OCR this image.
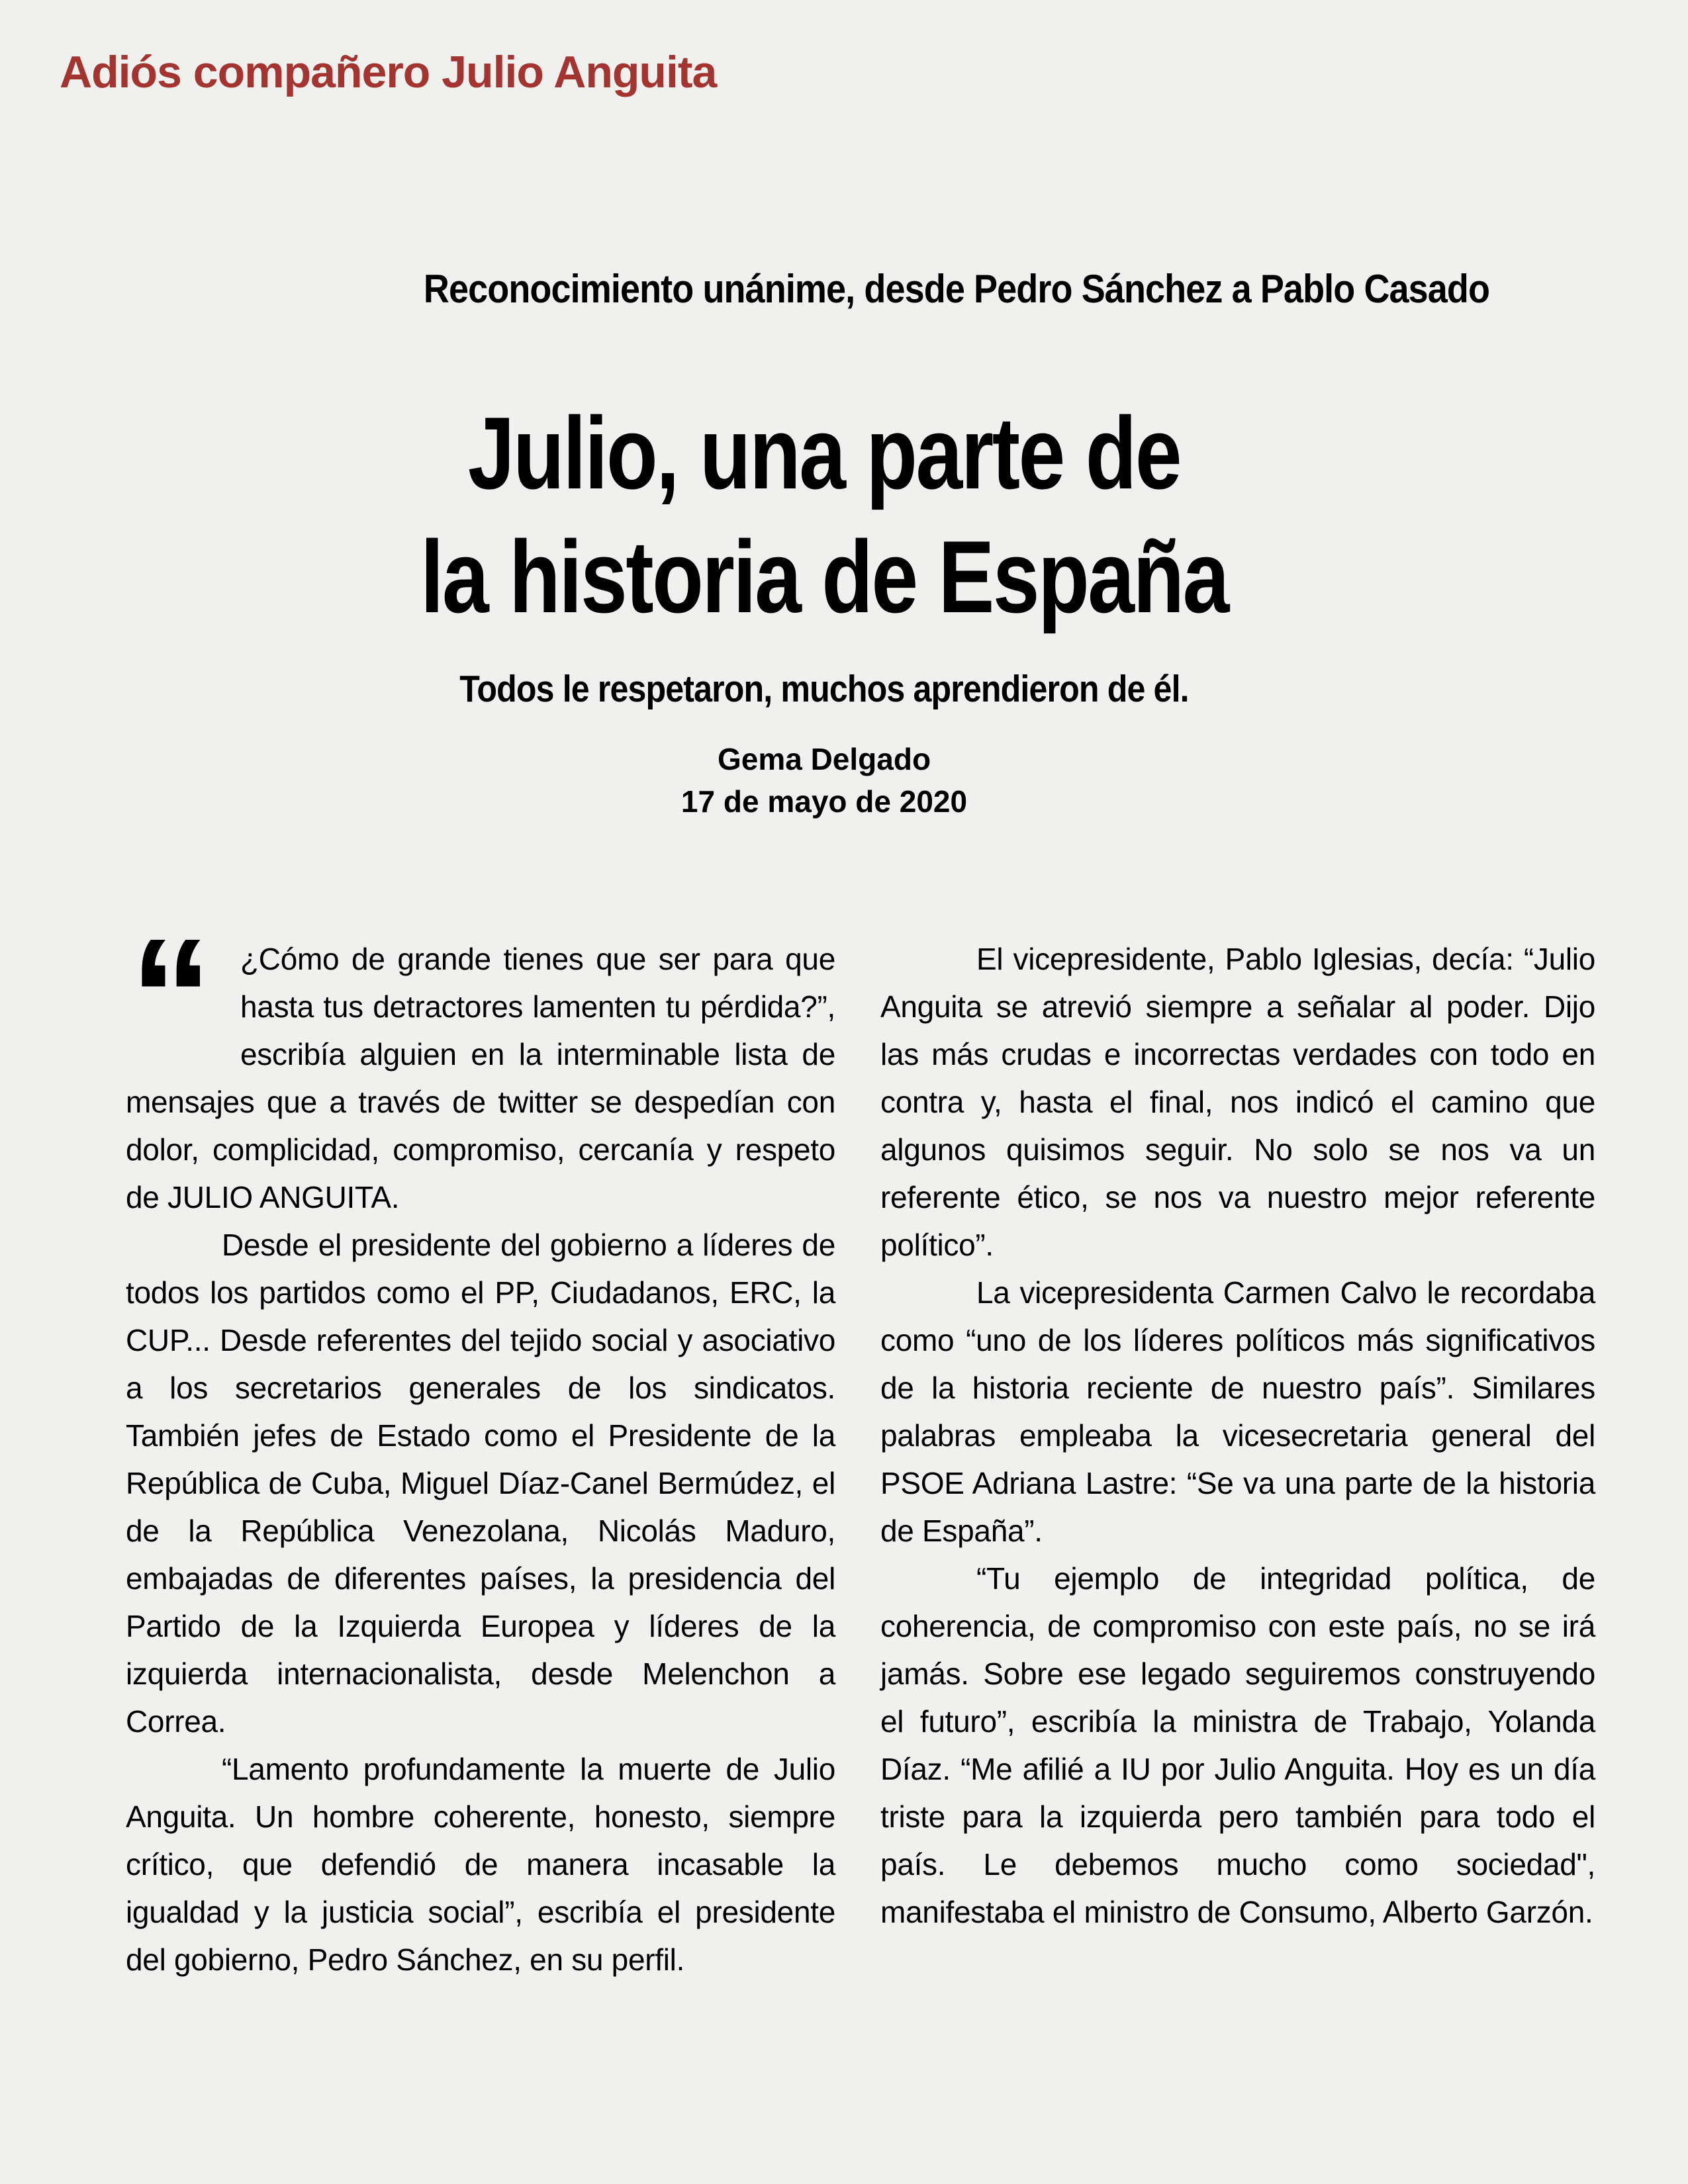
Adiós compañero Julio Anguita
Reconocimiento unánime, desde Pedro Sánchez a Pablo Casado
Julio, una parte de
la historia de España
Todos le respetaron, muchos aprendieron de él.
Gema Delgado
17 de mayo de 2020

“ ¿Cómo de grande tienes que ser para que hasta tus detractores lamenten tu pérdida?”, escribía alguien en la interminable lista de mensajes que a través de twitter se despedían con dolor, complicidad, compromiso, cercanía y respeto de JULIO ANGUITA.

Desde el presidente del gobierno a líderes de todos los partidos como el PP, Ciudadanos, ERC, la CUP... Desde referentes del tejido social y asociativo a los secretarios generales de los sindicatos. También jefes de Estado como el Presidente de la República de Cuba, Miguel Díaz-Canel Bermúdez, el de la República Venezolana, Nicolás Maduro, embajadas de diferentes países, la presidencia del Partido de la Izquierda Europea y líderes de la izquierda internacionalista, desde Melenchon a Correa.

“Lamento profundamente la muerte de Julio Anguita. Un hombre coherente, honesto, siempre crítico, que defendió de manera incasable la igualdad y la justicia social”, escribía el presidente del gobierno, Pedro Sánchez, en su perfil.

El vicepresidente, Pablo Iglesias, decía: “Julio Anguita se atrevió siempre a señalar al poder. Dijo las más crudas e incorrectas verdades con todo en contra y, hasta el final, nos indicó el camino que algunos quisimos seguir. No solo se nos va un referente ético, se nos va nuestro mejor referente político”.

La vicepresidenta Carmen Calvo le recordaba como “uno de los líderes políticos más significativos de la historia reciente de nuestro país”. Similares palabras empleaba la vicesecretaria general del PSOE Adriana Lastre: “Se va una parte de la historia de España”.

“Tu ejemplo de integridad política, de coherencia, de compromiso con este país, no se irá jamás. Sobre ese legado seguiremos construyendo el futuro”, escribía la ministra de Trabajo, Yolanda Díaz. “Me afilié a IU por Julio Anguita. Hoy es un día triste para la izquierda pero también para todo el país. Le debemos mucho como sociedad", manifestaba el ministro de Consumo, Alberto Garzón.
